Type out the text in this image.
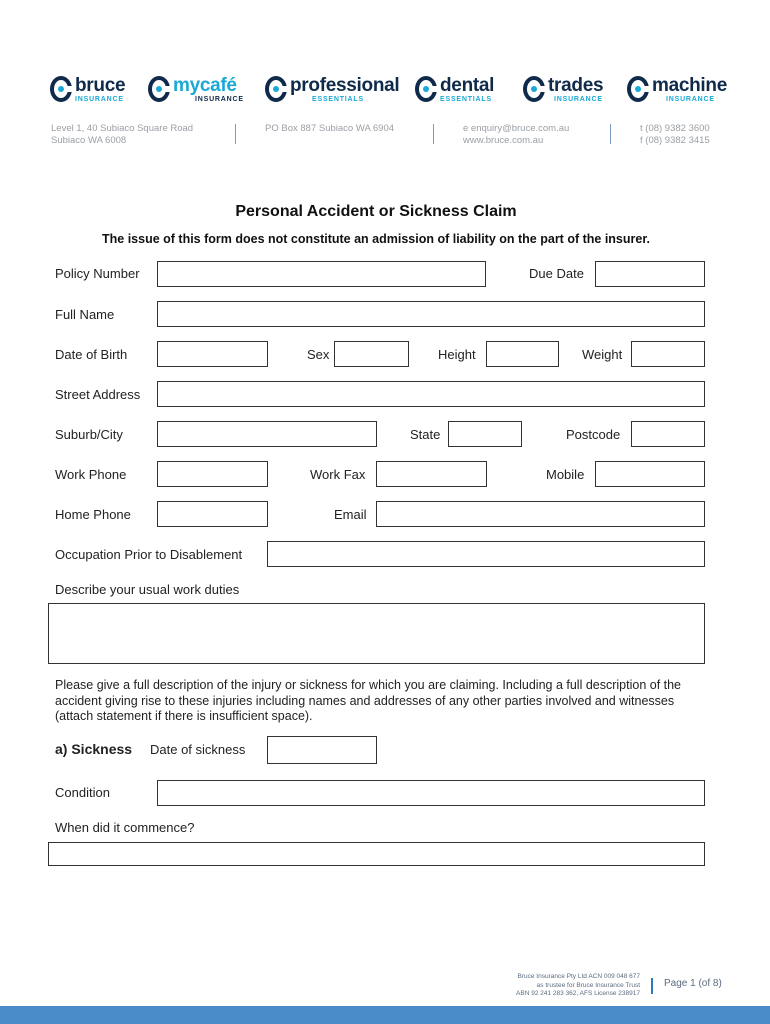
bruce
INSURANCE
mycafé
INSURANCE
professional
ESSENTIALS
dental
ESSENTIALS
trades
INSURANCE
machine
INSURANCE
Level 1, 40 Subiaco Square Road
Subiaco WA 6008
PO Box 887 Subiaco WA 6904	e enquiry@bruce.com.au
www.bruce.com.au
t (08) 9382 3600
f (08) 9382 3415
Personal Accident or Sickness Claim
The issue of this form does not constitute an admission of liability on the part of the insurer.
Policy Number	Due Date
Full Name
Date of Birth	Sex	Height	Weight
Street Address
Suburb/City	State	Postcode
Work Phone	Work Fax	Mobile
Home Phone	Email
Occupation Prior to Disablement
Describe your usual work duties
Please give a full description of the injury or sickness for which you are claiming. Including a full description of the accident giving rise to these injuries including names and addresses of any other parties involved and witnesses (attach statement if there is insufficient space).
a) Sickness Date of sickness
Condition
When did it commence?
Bruce Insurance Pty Ltd ACN 009 048 677
as trustee for Bruce Insurance Trust
ABN 92 241 283 362, AFS License 238917
Page 1 (of 8)
